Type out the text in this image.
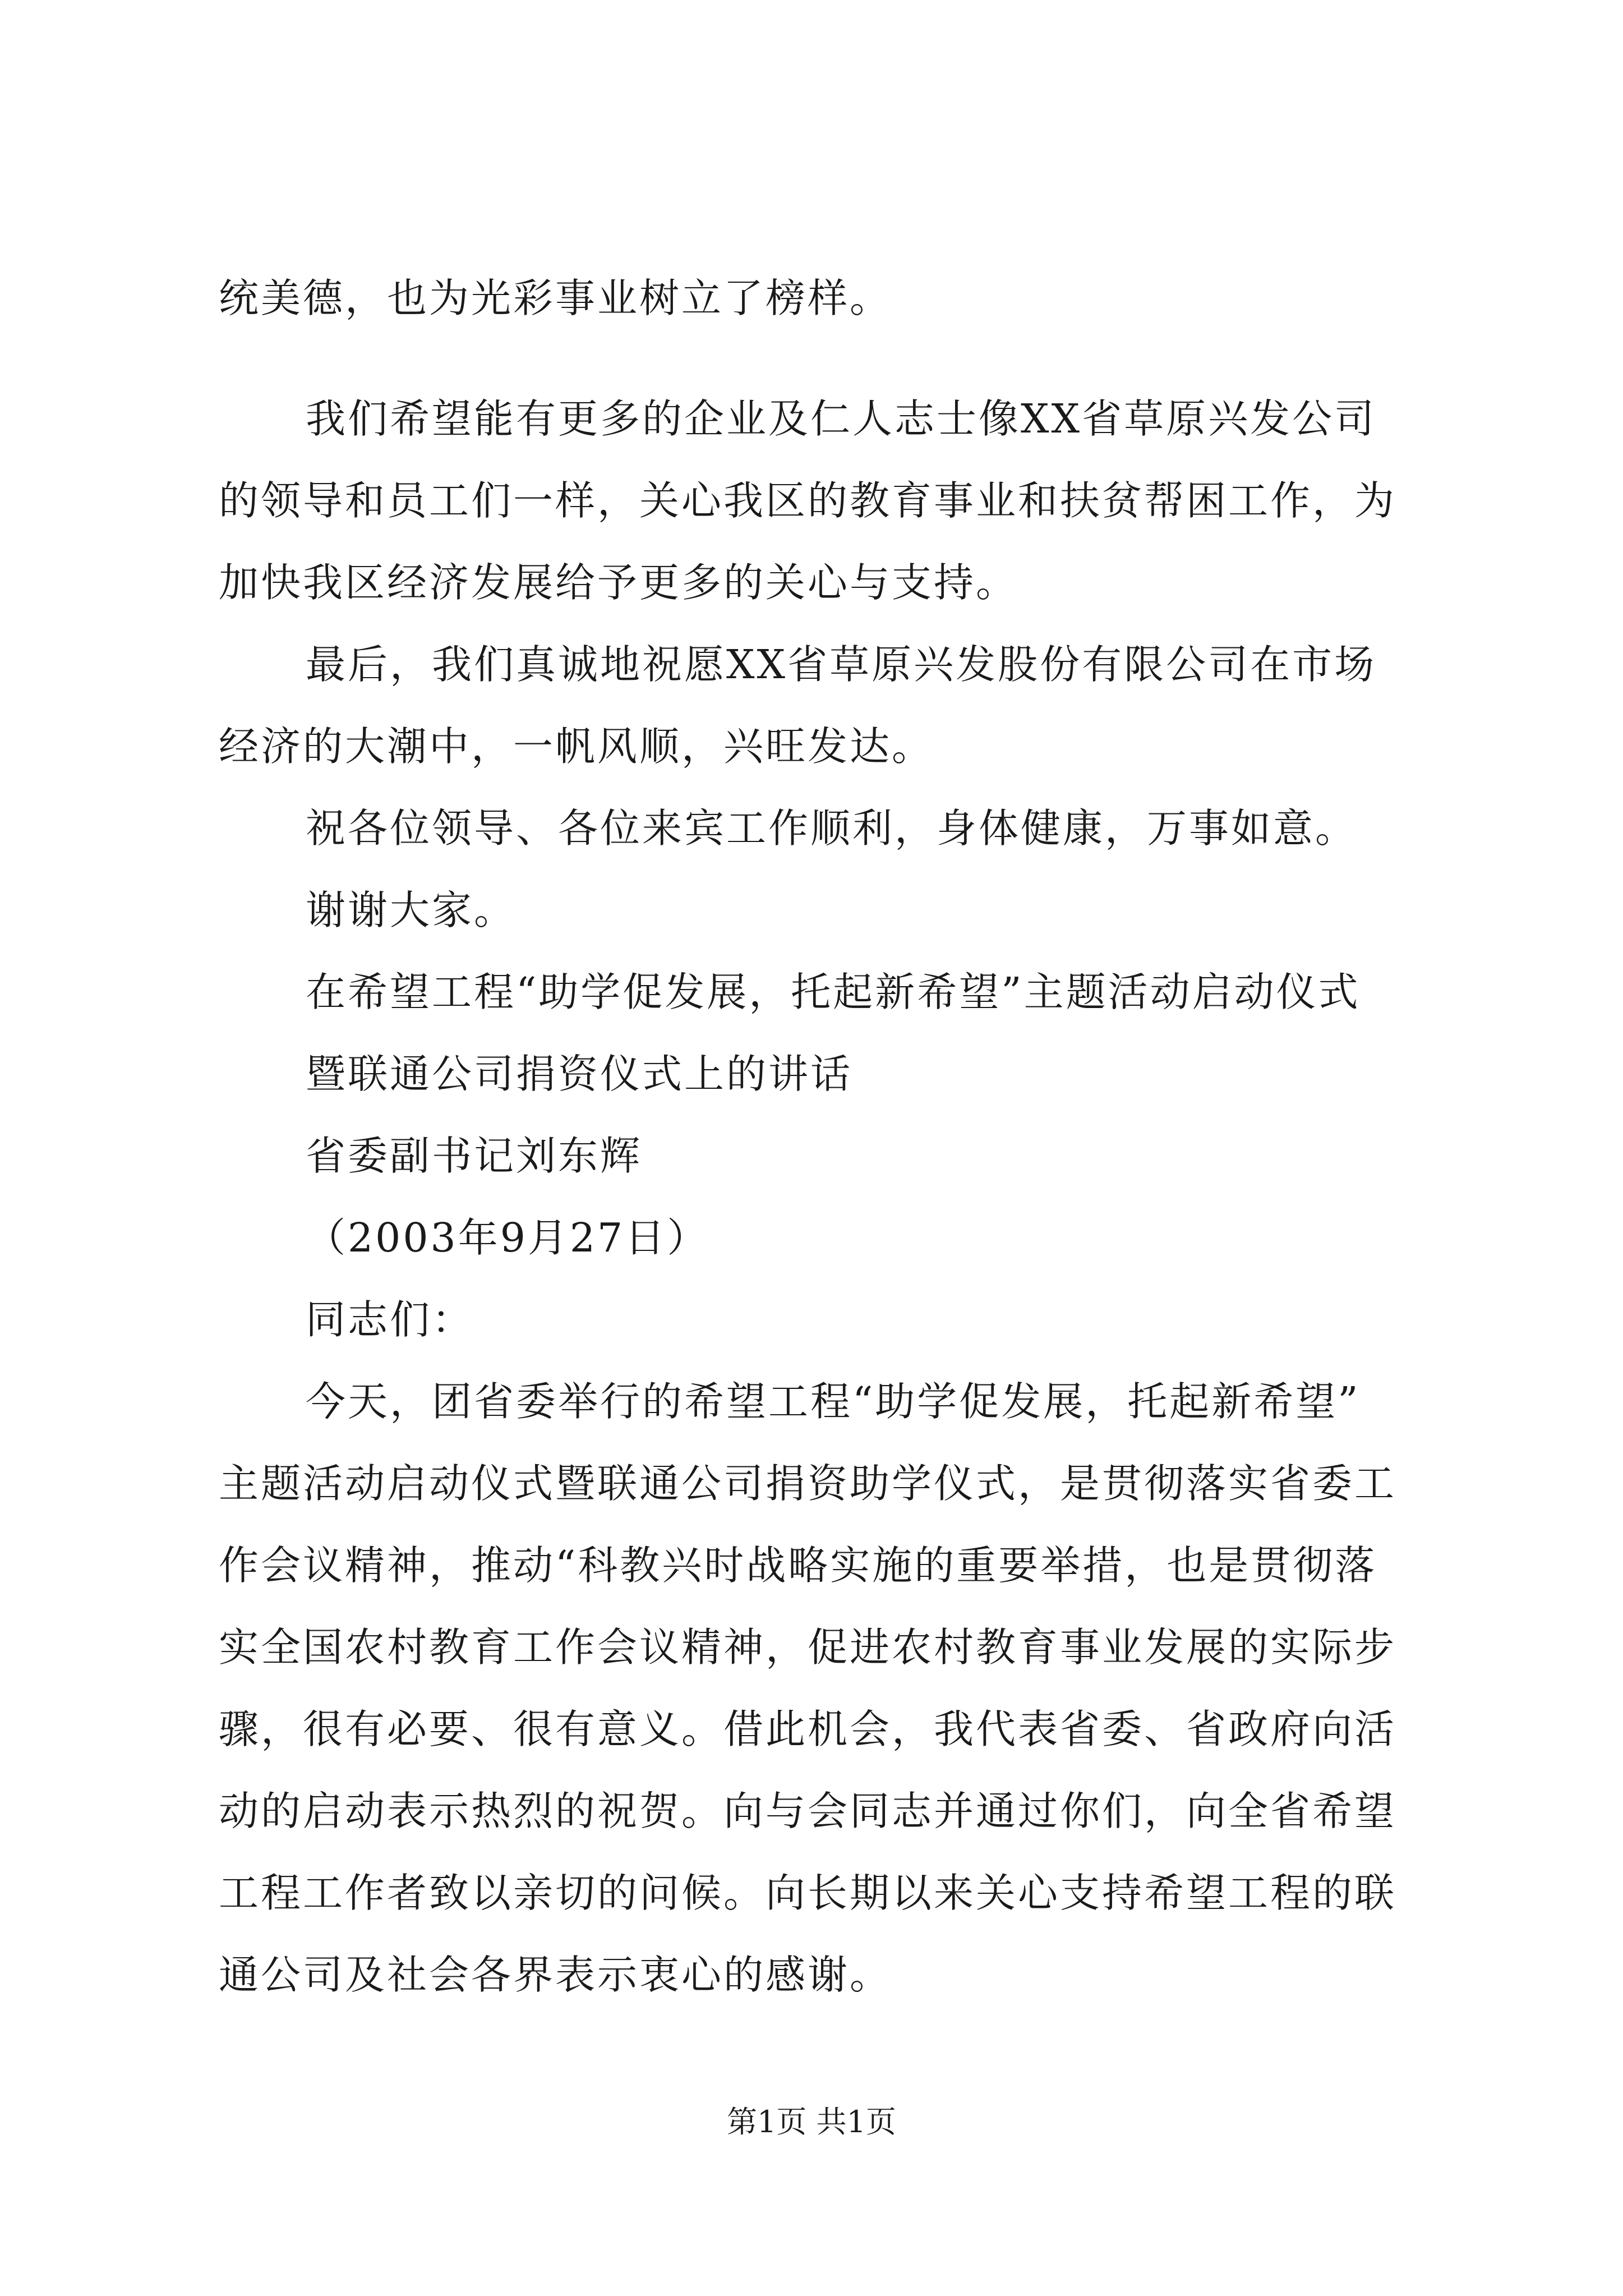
统美德，也为光彩事业树立了榜样。
我们希望能有更多的企业及仁人志士像XX省草原兴发公司
的领导和员工们一样，关心我区的教育事业和扶贫帮困工作，为
加快我区经济发展给予更多的关心与支持。
最后，我们真诚地祝愿XX省草原兴发股份有限公司在市场
经济的大潮中，一帆风顺，兴旺发达。
祝各位领导、各位来宾工作顺利，身体健康，万事如意。
谢谢大家。
在希望工程“助学促发展，托起新希望”主题活动启动仪式
暨联通公司捐资仪式上的讲话
省委副书记刘东辉
（2003年9月27日）
同志们：
今天，团省委举行的希望工程“助学促发展，托起新希望”
主题活动启动仪式暨联通公司捐资助学仪式，是贯彻落实省委工
作会议精神，推动“科教兴时战略实施的重要举措，也是贯彻落
实全国农村教育工作会议精神，促进农村教育事业发展的实际步
骤，很有必要、很有意义。借此机会，我代表省委、省政府向活
动的启动表示热烈的祝贺。向与会同志并通过你们，向全省希望
工程工作者致以亲切的问候。向长期以来关心支持希望工程的联
通公司及社会各界表示衷心的感谢。
第1页 共1页
